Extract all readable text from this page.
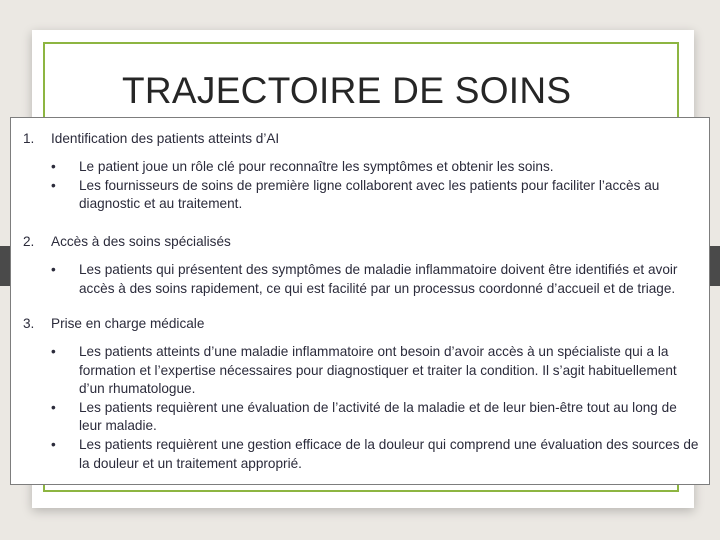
TRAJECTOIRE DE SOINS
1. Identification des patients atteints d’AI
• Le patient joue un rôle clé pour reconnaître les symptômes et obtenir les soins.
• Les fournisseurs de soins de première ligne collaborent avec les patients pour faciliter l’accès au diagnostic et au traitement.
2. Accès à des soins spécialisés
• Les patients qui présentent des symptômes de maladie inflammatoire doivent être identifiés et avoir accès à des soins rapidement, ce qui est facilité par un processus coordonné d’accueil et de triage.
3. Prise en charge médicale
• Les patients atteints d’une maladie inflammatoire ont besoin d’avoir accès à un spécialiste qui a la formation et l’expertise nécessaires pour diagnostiquer et traiter la condition. Il s’agit habituellement d’un rhumatologue.
• Les patients requièrent une évaluation de l’activité de la maladie et de leur bien-être tout au long de leur maladie.
• Les patients requièrent une gestion efficace de la douleur qui comprend une évaluation des sources de la douleur et un traitement approprié.
